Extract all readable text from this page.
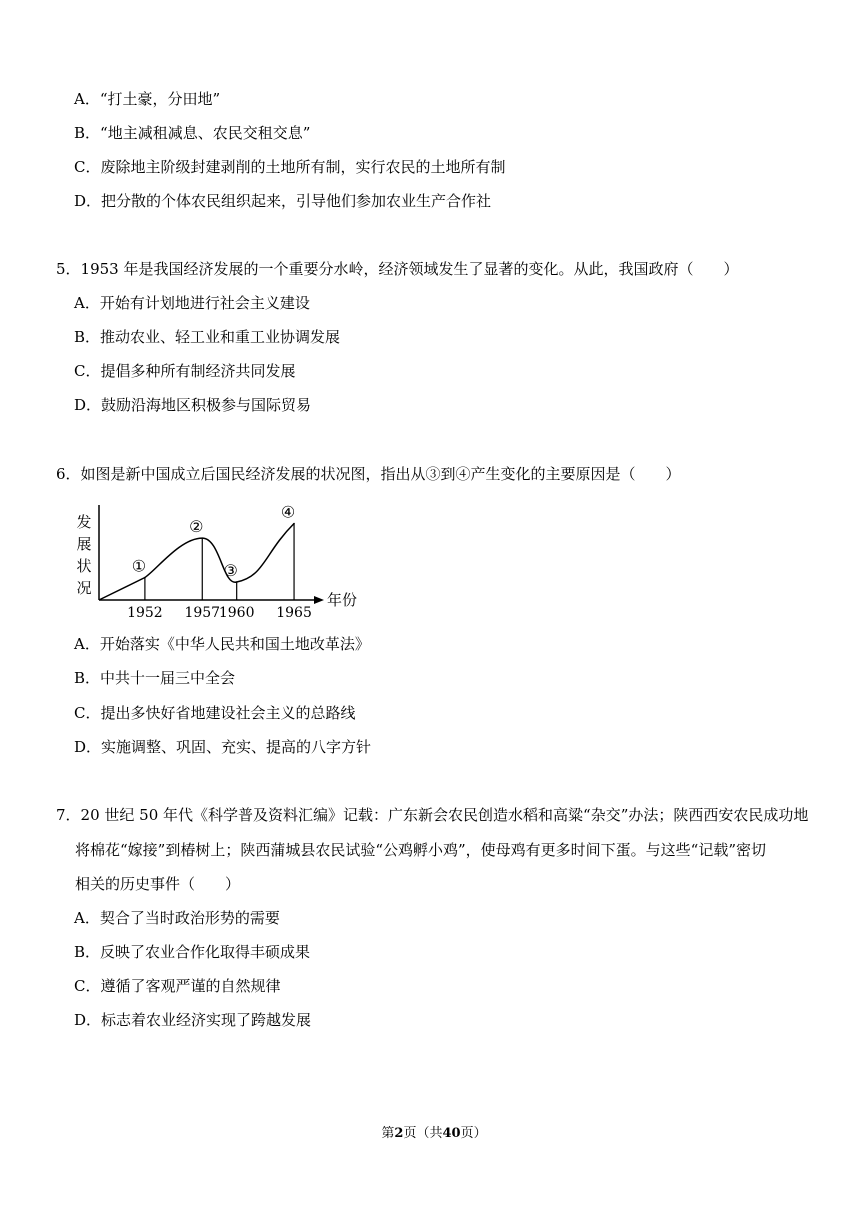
A．“打土豪，分田地”
B．“地主减租减息、农民交租交息”
C．废除地主阶级封建剥削的土地所有制，实行农民的土地所有制
D．把分散的个体农民组织起来，引导他们参加农业生产合作社
5．1953 年是我国经济发展的一个重要分水岭，经济领域发生了显著的变化。从此，我国政府（　　）
A．开始有计划地进行社会主义建设
B．推动农业、轻工业和重工业协调发展
C．提倡多种所有制经济共同发展
D．鼓励沿海地区积极参与国际贸易
6．如图是新中国成立后国民经济发展的状况图，指出从③到④产生变化的主要原因是（　　）
发
展
状
况
年份
①
1952
②
1957
③
1960
④
1965
A．开始落实《中华人民共和国土地改革法》
B．中共十一届三中全会
C．提出多快好省地建设社会主义的总路线
D．实施调整、巩固、充实、提高的八字方针
7．20 世纪 50 年代《科学普及资料汇编》记载：广东新会农民创造水稻和高粱“杂交”办法；陕西西安农民成功地
将棉花“嫁接”到椿树上；陕西蒲城县农民试验“公鸡孵小鸡”，使母鸡有更多时间下蛋。与这些“记载”密切
相关的历史事件（　　）
A．契合了当时政治形势的需要
B．反映了农业合作化取得丰硕成果
C．遵循了客观严谨的自然规律
D．标志着农业经济实现了跨越发展
第2页（共40页）
